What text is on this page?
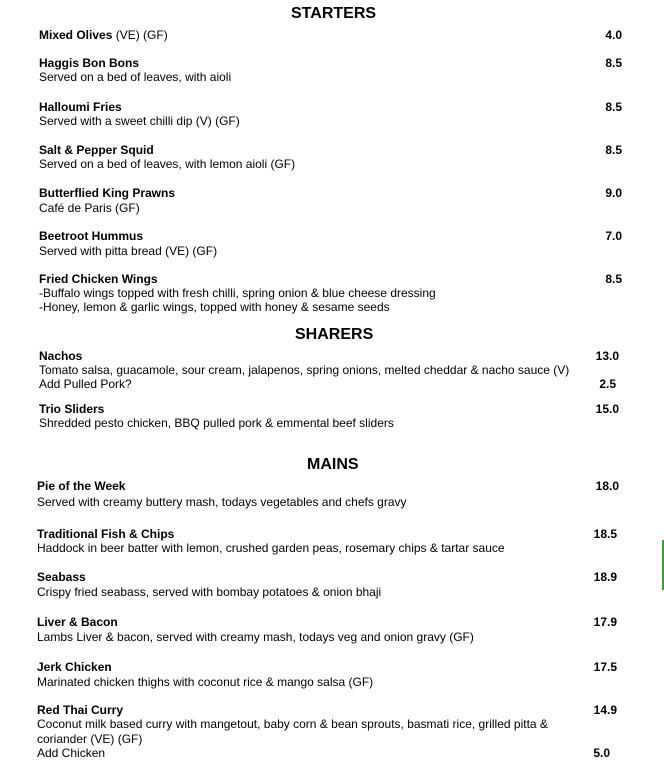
STARTERS
Mixed Olives (VE) (GF)	4.0
Haggis Bon Bons
Served on a bed of leaves, with aioli
8.5
Halloumi Fries
Served with a sweet chilli dip (V) (GF)
8.5
Salt & Pepper Squid
Served on a bed of leaves, with lemon aioli (GF)
8.5
Butterflied King Prawns
Café de Paris (GF)
9.0
Beetroot Hummus
Served with pitta bread (VE) (GF)
7.0
Fried Chicken Wings
-Buffalo wings topped with fresh chilli, spring onion & blue cheese dressing
-Honey, lemon & garlic wings, topped with honey & sesame seeds
8.5
SHARERS
Nachos
Tomato salsa, guacamole, sour cream, jalapenos, spring onions, melted cheddar & nacho sauce (V)
Add Pulled Pork?
13.0
2.5
Trio Sliders
Shredded pesto chicken, BBQ pulled pork & emmental beef sliders
15.0
MAINS
Pie of the Week
Served with creamy buttery mash, todays vegetables and chefs gravy
18.0
Traditional Fish & Chips
Haddock in beer batter with lemon, crushed garden peas, rosemary chips & tartar sauce
18.5
Seabass
Crispy fried seabass, served with bombay potatoes & onion bhaji
18.9
Liver & Bacon
Lambs Liver & bacon, served with creamy mash, todays veg and onion gravy (GF)
17.9
Jerk Chicken
Marinated chicken thighs with coconut rice & mango salsa (GF)
17.5
Red Thai Curry
Coconut milk based curry with mangetout, baby corn & bean sprouts, basmati rice, grilled pitta &
coriander (VE) (GF)
Add Chicken
14.9
5.0
